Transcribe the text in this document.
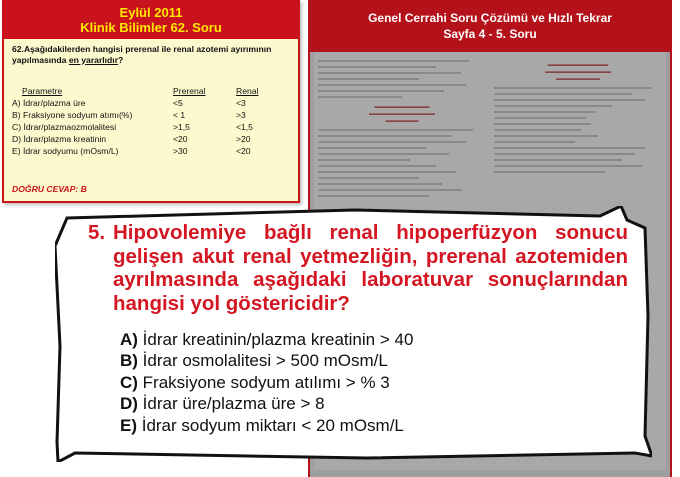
Eylül 2011
Klinik Bilimler 62. Soru
62.Aşağıdakilerden hangisi prerenal ile renal azotemi ayırımının yapılmasında en yararlıdır?
Parametre	Prerenal	Renal
A) İdrar/plazma üre	<5	<3
B) Fraksiyone sodyum atımı(%)	< 1	>3
C) İdrar/plazmaozmolalitesi	>1,5	<1,5
D) İdrar/plazma kreatinin	<20	>20
E) İdrar sodyumu (mOsm/L)	>30	<20
DOĞRU CEVAP: B
Genel Cerrahi Soru Çözümü ve Hızlı Tekrar
Sayfa 4 - 5. Soru
▬▬▬▬▬▬▬▬▬▬
▬▬▬▬▬▬▬▬▬▬▬▬
▬▬▬▬▬▬
▬▬▬▬▬▬▬▬▬▬▬
▬▬▬▬▬▬▬▬▬▬▬▬
▬▬▬▬▬▬▬▬
5. Hipovolemiye bağlı renal hipoperfüzyon sonucu gelişen akut renal yetmezliğin, prerenal azotemiden ayrılmasında aşağıdaki laboratuvar sonuçlarından hangisi yol göstericidir?
A) İdrar kreatinin/plazma kreatinin > 40
B) İdrar osmolalitesi > 500 mOsm/L
C) Fraksiyone sodyum atılımı > % 3
D) İdrar üre/plazma üre > 8
E) İdrar sodyum miktarı < 20 mOsm/L
